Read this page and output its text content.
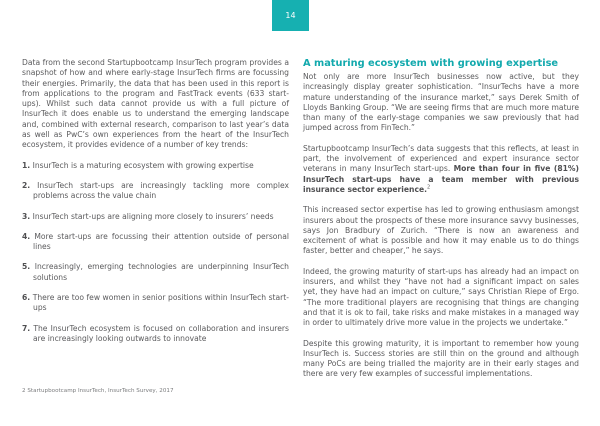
14

Data from the second Startupbootcamp InsurTech program provides a snapshot of how and where early-stage InsurTech firms are focussing their energies. Primarily, the data that has been used in this report is from applications to the program and FastTrack events (633 start-ups). Whilst such data cannot provide us with a full picture of InsurTech it does enable us to understand the emerging landscape and, combined with external research, comparison to last year’s data as well as PwC’s own experiences from the heart of the InsurTech ecosystem, it provides evidence of a number of key trends:

1. InsurTech is a maturing ecosystem with growing expertise
2. InsurTech start-ups are increasingly tackling more complex problems across the value chain
3. InsurTech start-ups are aligning more closely to insurers’ needs
4. More start-ups are focussing their attention outside of personal lines
5. Increasingly, emerging technologies are underpinning InsurTech solutions
6. There are too few women in senior positions within InsurTech start-ups
7. The InsurTech ecosystem is focused on collaboration and insurers are increasingly looking outwards to innovate
A maturing ecosystem with growing expertise

Not only are more InsurTech businesses now active, but they increasingly display greater sophistication. “InsurTechs have a more mature understanding of the insurance market,” says Derek Smith of Lloyds Banking Group. “We are seeing firms that are much more mature than many of the early-stage companies we saw previously that had jumped across from FinTech.”

Startupbootcamp InsurTech’s data suggests that this reflects, at least in part, the involvement of experienced and expert insurance sector veterans in many InsurTech start-ups. More than four in five (81%) InsurTech start-ups have a team member with previous insurance sector experience.$^2$

This increased sector expertise has led to growing enthusiasm amongst insurers about the prospects of these more insurance savvy businesses, says Jon Bradbury of Zurich. “There is now an awareness and excitement of what is possible and how it may enable us to do things faster, better and cheaper,” he says.

Indeed, the growing maturity of start-ups has already had an impact on insurers, and whilst they “have not had a significant impact on sales yet, they have had an impact on culture,” says Christian Riepe of Ergo. “The more traditional players are recognising that things are changing and that it is ok to fail, take risks and make mistakes in a managed way in order to ultimately drive more value in the projects we undertake.”

Despite this growing maturity, it is important to remember how young InsurTech is. Success stories are still thin on the ground and although many PoCs are being trialled the majority are in their early stages and there are very few examples of successful implementations.

2 Startupbootcamp InsurTech, InsurTech Survey, 2017
